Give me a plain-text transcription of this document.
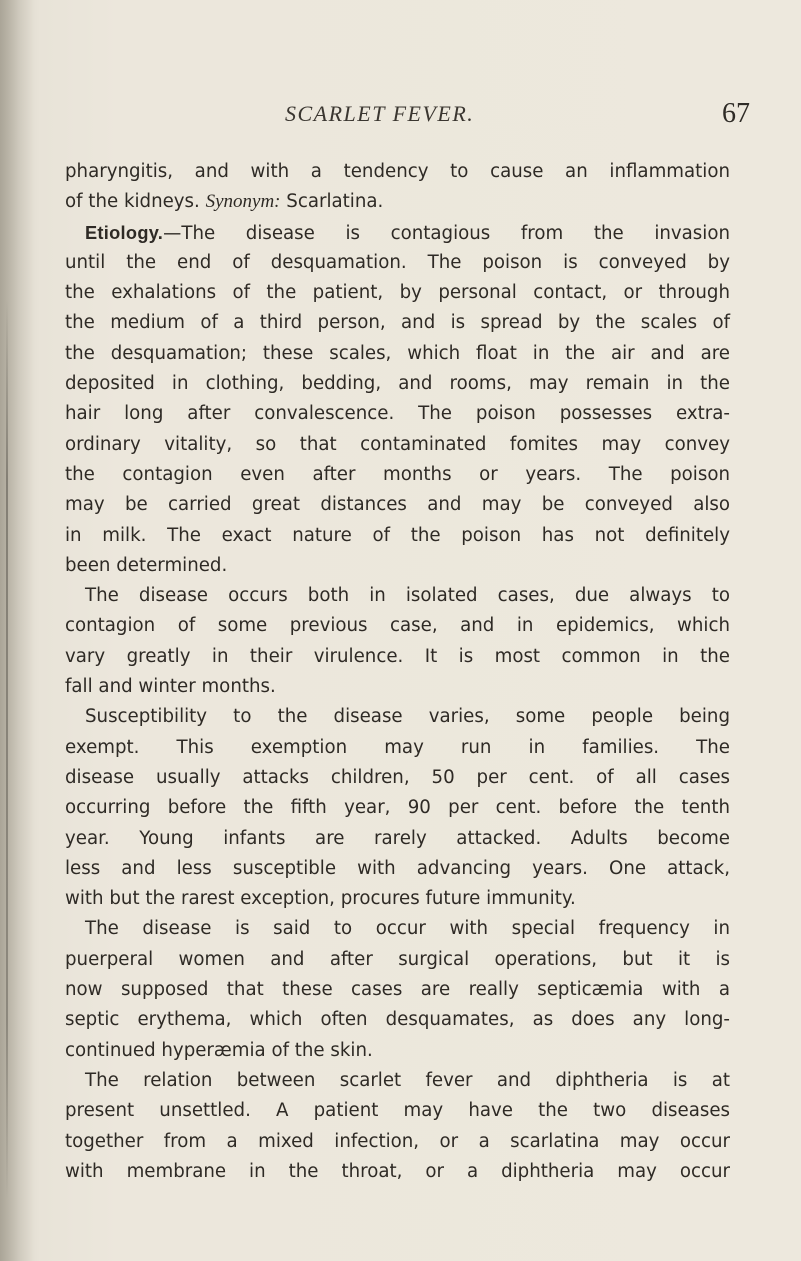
SCARLET FEVER.	67
pharyngitis, and with a tendency to cause an inflammation
of the kidneys. Synonym: Scarlatina.
Etiology.—The disease is contagious from the invasion
until the end of desquamation. The poison is conveyed by
the exhalations of the patient, by personal contact, or through
the medium of a third person, and is spread by the scales of
the desquamation; these scales, which float in the air and are
deposited in clothing, bedding, and rooms, may remain in the
hair long after convalescence. The poison possesses extra-
ordinary vitality, so that contaminated fomites may convey
the contagion even after months or years. The poison
may be carried great distances and may be conveyed also
in milk. The exact nature of the poison has not definitely
been determined.
The disease occurs both in isolated cases, due always to
contagion of some previous case, and in epidemics, which
vary greatly in their virulence. It is most common in the
fall and winter months.
Susceptibility to the disease varies, some people being
exempt. This exemption may run in families. The
disease usually attacks children, 50 per cent. of all cases
occurring before the fifth year, 90 per cent. before the tenth
year. Young infants are rarely attacked. Adults become
less and less susceptible with advancing years. One attack,
with but the rarest exception, procures future immunity.
The disease is said to occur with special frequency in
puerperal women and after surgical operations, but it is
now supposed that these cases are really septicæmia with a
septic erythema, which often desquamates, as does any long-
continued hyperæmia of the skin.
The relation between scarlet fever and diphtheria is at
present unsettled. A patient may have the two diseases
together from a mixed infection, or a scarlatina may occur
with membrane in the throat, or a diphtheria may occur
